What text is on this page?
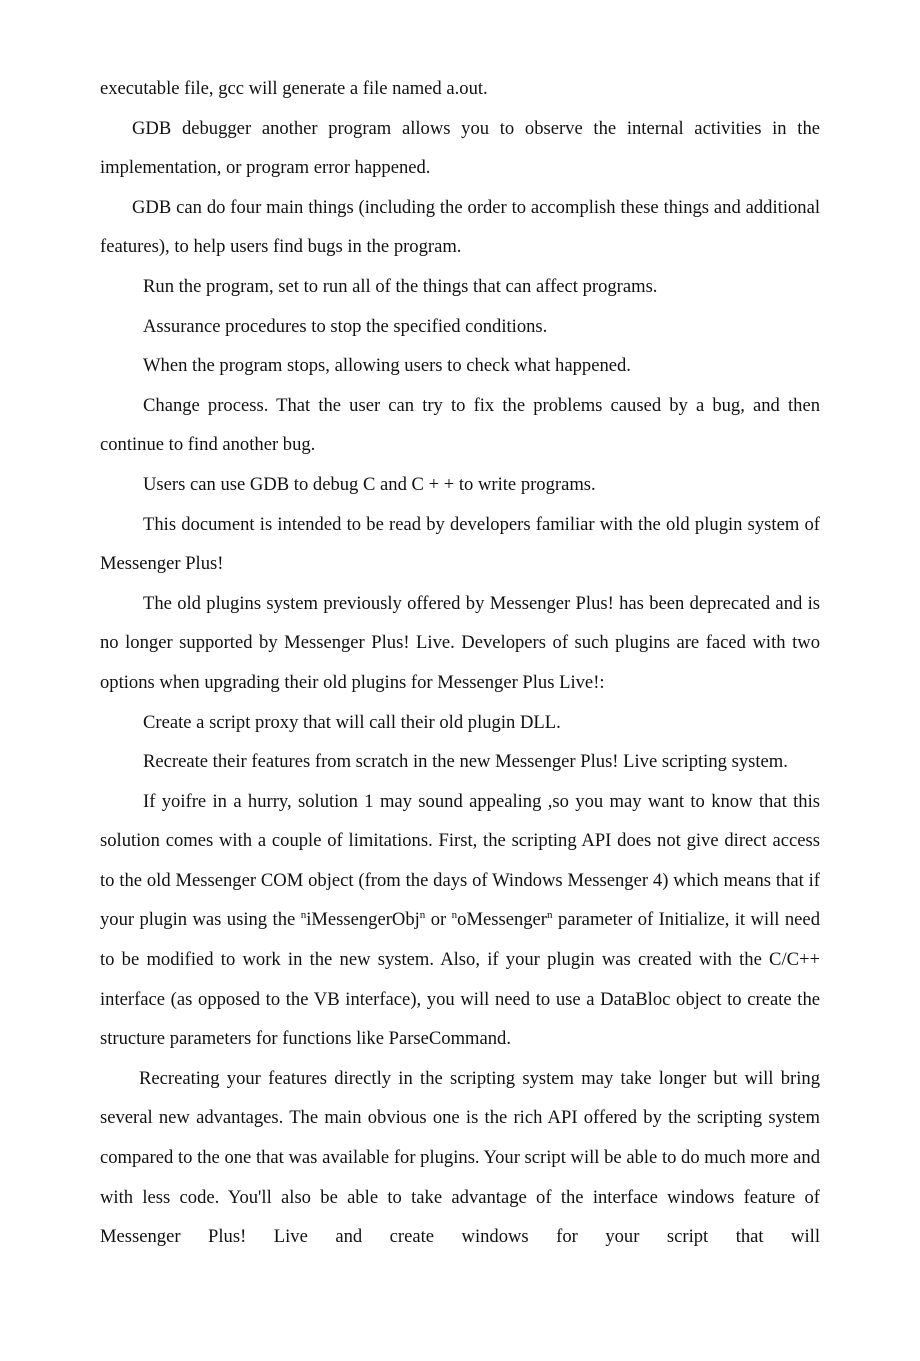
executable file, gcc will generate a file named a.out.

GDB debugger another program allows you to observe the internal activities in the implementation, or program error happened.

GDB can do four main things (including the order to accomplish these things and additional features), to help users find bugs in the program.

Run the program, set to run all of the things that can affect programs.

Assurance procedures to stop the specified conditions.

When the program stops, allowing users to check what happened.

Change process. That the user can try to fix the problems caused by a bug, and then continue to find another bug.

Users can use GDB to debug C and C + + to write programs.

This document is intended to be read by developers familiar with the old plugin system of Messenger Plus!

The old plugins system previously offered by Messenger Plus! has been deprecated and is no longer supported by Messenger Plus! Live. Developers of such plugins are faced with two options when upgrading their old plugins for Messenger Plus Live!:

Create a script proxy that will call their old plugin DLL.

Recreate their features from scratch in the new Messenger Plus! Live scripting system.

If yoifre in a hurry, solution 1 may sound appealing ,so you may want to know that this solution comes with a couple of limitations. First, the scripting API does not give direct access to the old Messenger COM object (from the days of Windows Messenger 4) which means that if your plugin was using the $^n$iMessengerObj$^n$ or $^n$oMessenger$^n$ parameter of Initialize, it will need to be modified to work in the new system. Also, if your plugin was created with the C/C++ interface (as opposed to the VB interface), you will need to use a DataBloc object to create the structure parameters for functions like ParseCommand.

Recreating your features directly in the scripting system may take longer but will bring several new advantages. The main obvious one is the rich API offered by the scripting system compared to the one that was available for plugins. Your script will be able to do much more and with less code. You'll also be able to take advantage of the interface windows feature of Messenger Plus! Live and create windows for your script that will
